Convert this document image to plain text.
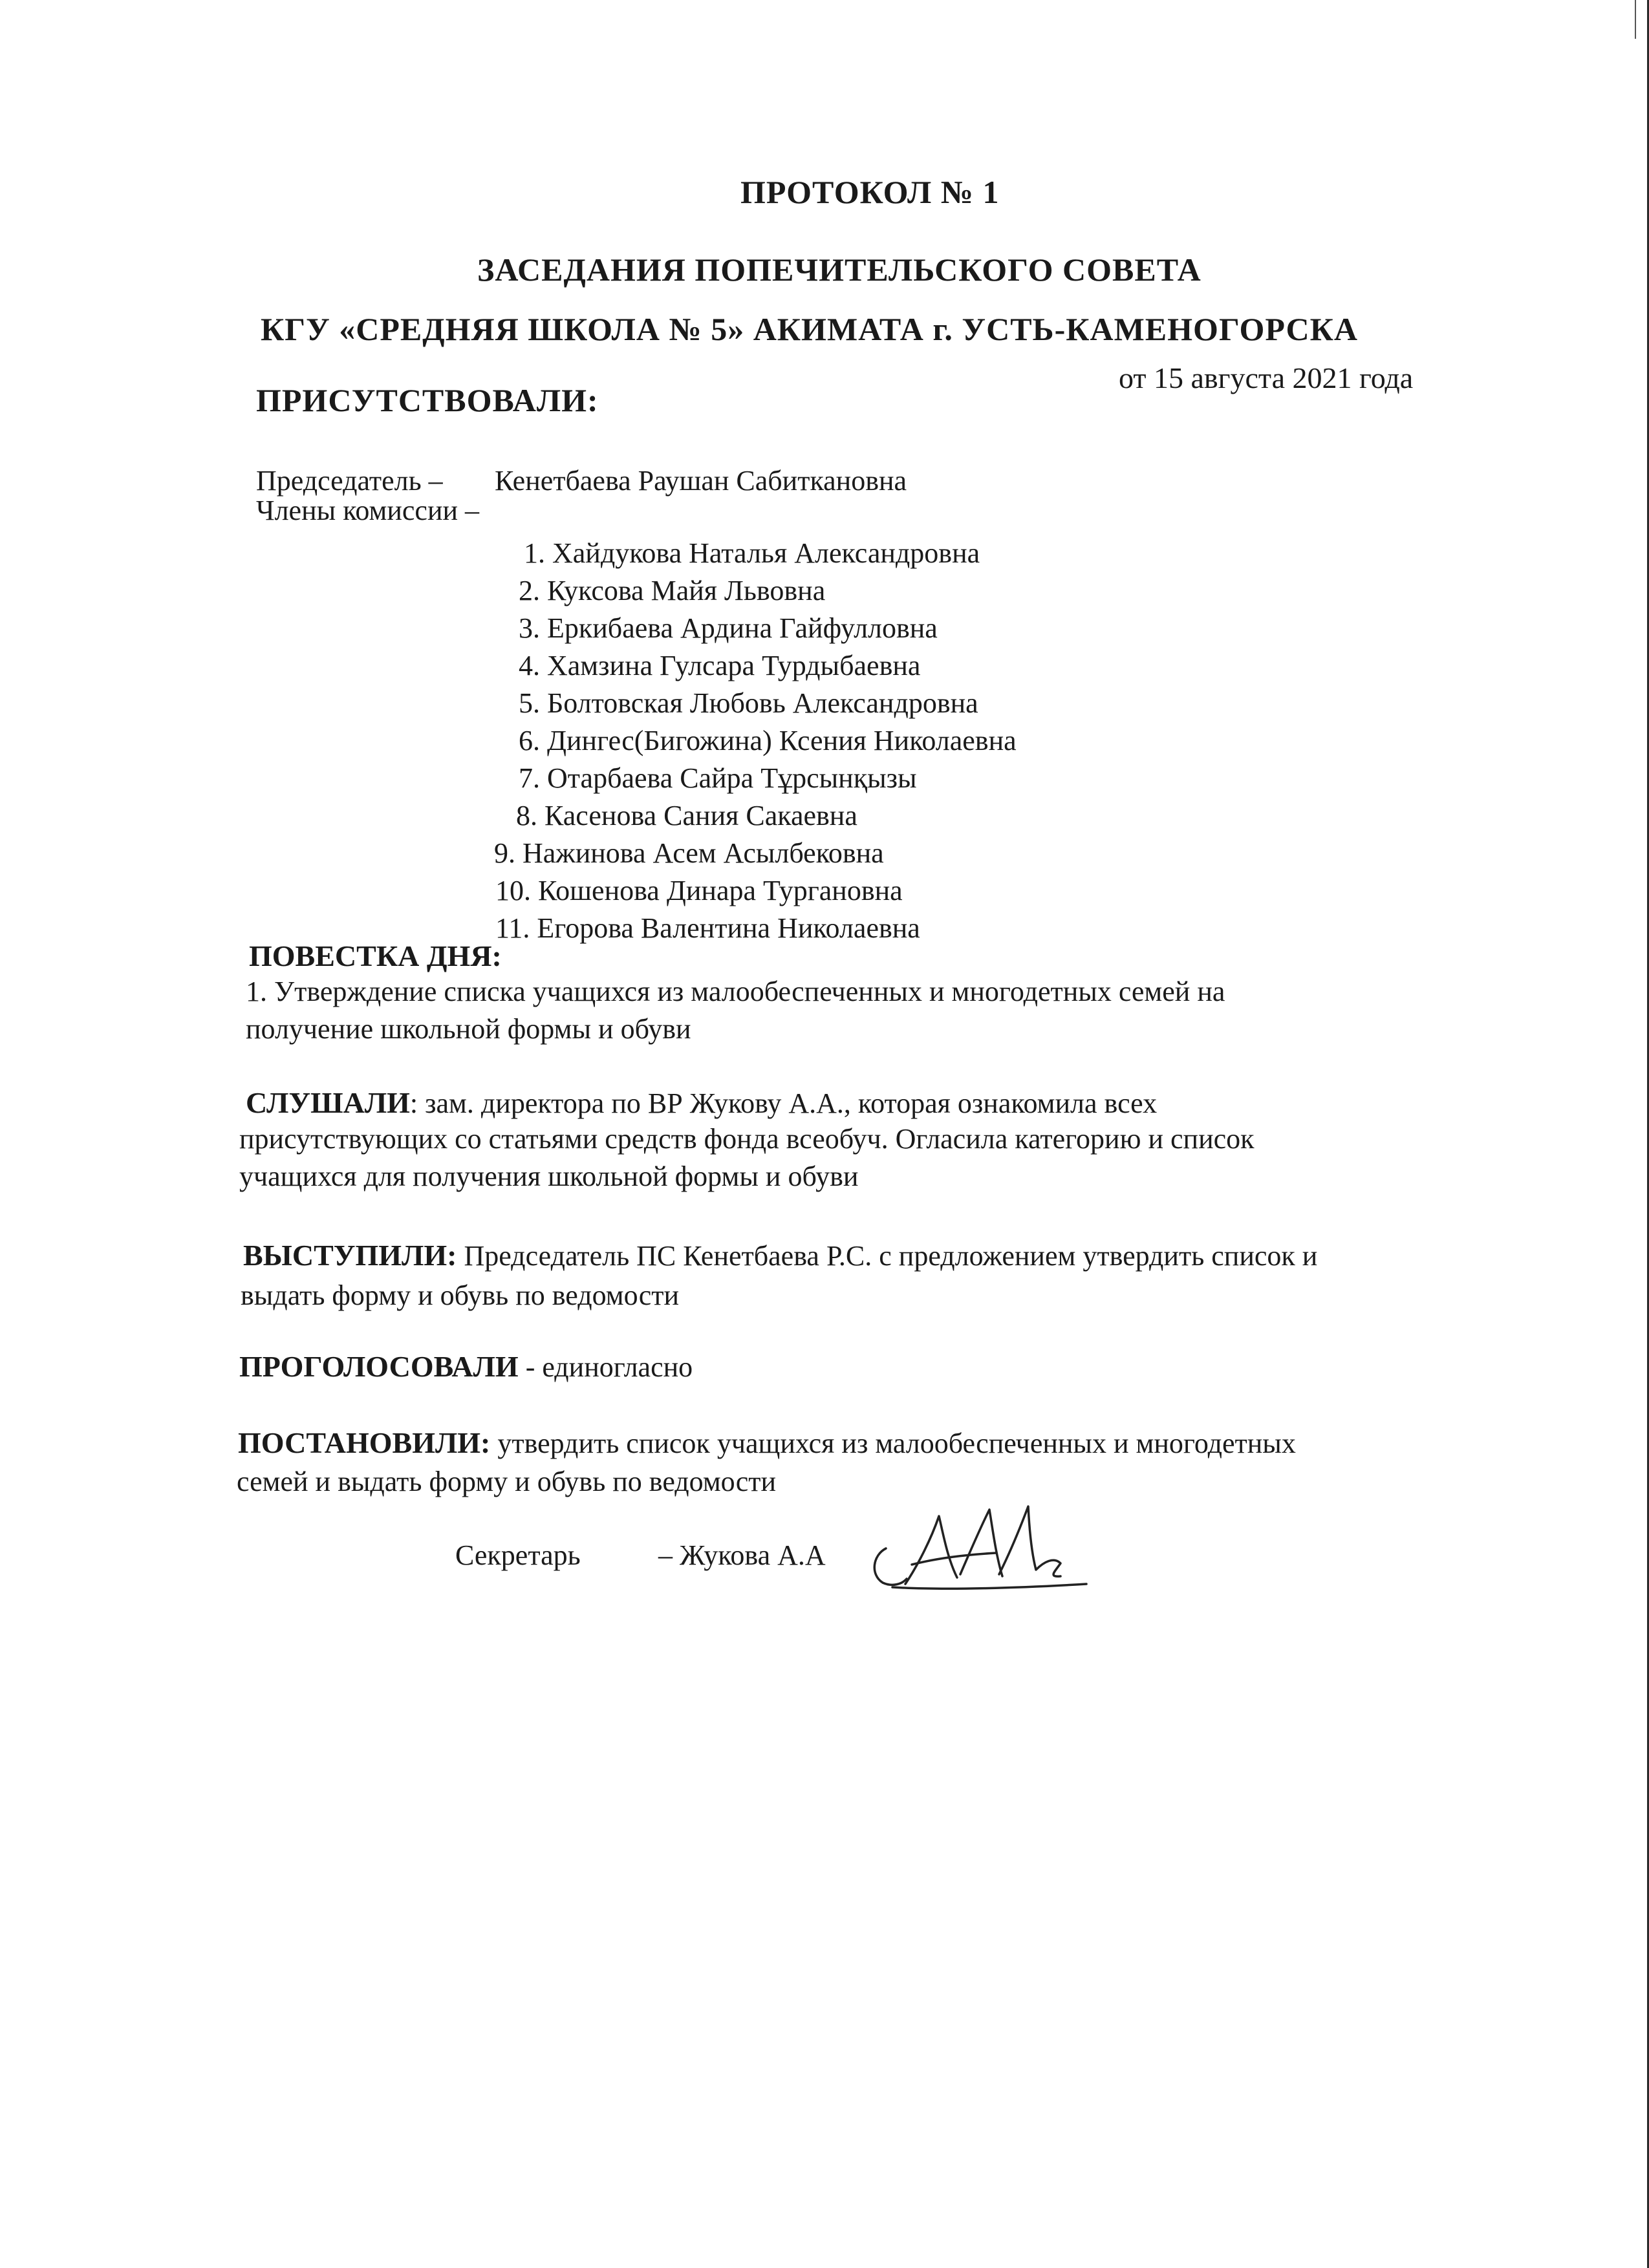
ПРОТОКОЛ № 1
ЗАСЕДАНИЯ ПОПЕЧИТЕЛЬСКОГО СОВЕТА
КГУ «СРЕДНЯЯ ШКОЛА № 5» АКИМАТА г. УСТЬ-КАМЕНОГОРСКА
от 15 августа 2021 года
ПРИСУТСТВОВАЛИ:
Председатель – Кенетбаева Раушан Сабиткановна
Члены комиссии –
1. Хайдукова Наталья Александровна
2. Куксова Майя Львовна
3. Еркибаева Ардина Гайфулловна
4. Хамзина Гулсара Турдыбаевна
5. Болтовская Любовь Александровна
6. Дингес(Бигожина) Ксения Николаевна
7. Отарбаева Сайра Тұрсынқызы
8. Касенова Сания Сакаевна
9. Нажинова Асем Асылбековна
10. Кошенова Динара Тургановна
11. Егорова Валентина Николаевна
ПОВЕСТКА ДНЯ:
1. Утверждение списка учащихся из малообеспеченных и многодетных семей на
получение школьной формы и обуви
СЛУШАЛИ: зам. директора по ВР Жукову А.А., которая ознакомила всех
присутствующих со статьями средств фонда всеобуч. Огласила категорию и список
учащихся для получения школьной формы и обуви
ВЫСТУПИЛИ: Председатель ПС Кенетбаева Р.С. с предложением утвердить список и
выдать форму и обувь по ведомости
ПРОГОЛОСОВАЛИ - единогласно
ПОСТАНОВИЛИ: утвердить список учащихся из малообеспеченных и многодетных
семей и выдать форму и обувь по ведомости
Секретарь	– Жукова А.А
